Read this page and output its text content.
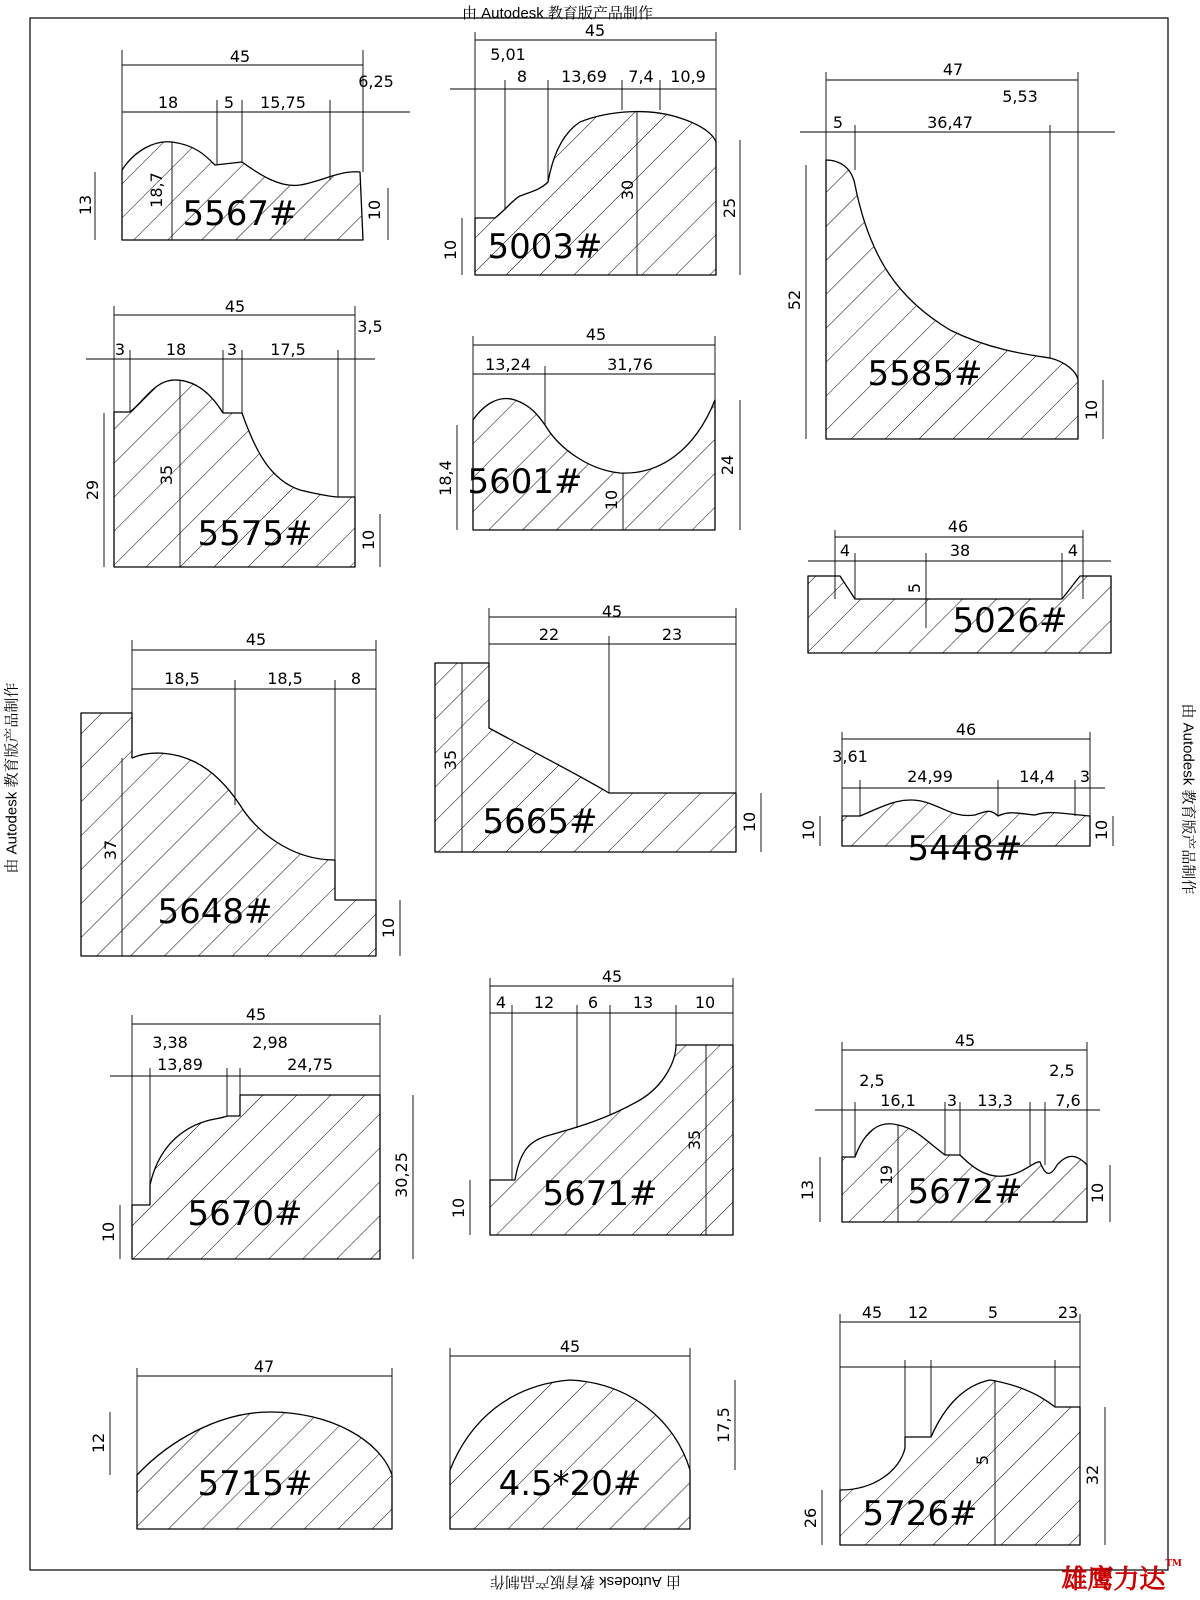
5567#
45
18	5 15,75
6,25
13	18,7
10
5003#
45
5,01
8 13,69 7,4 10,9
30
25
10
5585#
47
5	36,47
5,53
52
10
5575#
45
3	18	3 17,5
3,5
29
35
10
5601#
45
13,24	31,76
18,4
10
24
5026#
46
4	38	4
5
5648#
45
18,5	18,5	8
37
10
5665#
45
22	23
35
10
5448#
46
3,61
24,99	14,4 3
10	10
5670#
45
3,38
13,89
2,98
24,75
30,25
10
5671#
45
4 12 6 13	10
35
10	5672#
45
2,5
16,1 3 13,3
2,5
7,6
13
19
10
5715#
47
12
4.5*20#
45
17,5
5726#
45 12	5	23
5
32
26
由 Autodesk 教育版产品制作
由 Autodesk 教育版产品制作
由 Autodesk 教育版产品制作	由 Autodesk 教育版产品制作
雄鹰力达™
